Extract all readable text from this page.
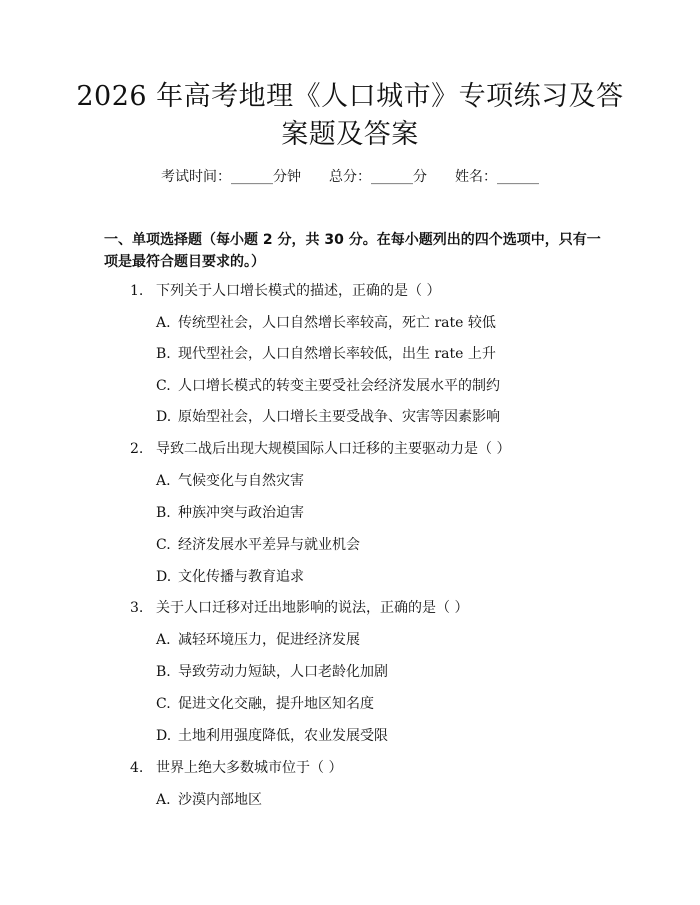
2026 年高考地理《人口城市》专项练习及答
案题及答案
考试时间：______分钟 总分：______分 姓名：______
一、单项选择题（每小题 2 分，共 30 分。在每小题列出的四个选项中，只有一项是最符合题目要求的。）
1. 下列关于人口增长模式的描述，正确的是（ ）
A. 传统型社会，人口自然增长率较高，死亡 rate 较低
B. 现代型社会，人口自然增长率较低，出生 rate 上升
C. 人口增长模式的转变主要受社会经济发展水平的制约
D. 原始型社会，人口增长主要受战争、灾害等因素影响
2. 导致二战后出现大规模国际人口迁移的主要驱动力是（ ）
A. 气候变化与自然灾害
B. 种族冲突与政治迫害
C. 经济发展水平差异与就业机会
D. 文化传播与教育追求
3. 关于人口迁移对迁出地影响的说法，正确的是（ ）
A. 减轻环境压力，促进经济发展
B. 导致劳动力短缺，人口老龄化加剧
C. 促进文化交融，提升地区知名度
D. 土地利用强度降低，农业发展受限
4. 世界上绝大多数城市位于（ ）
A. 沙漠内部地区
